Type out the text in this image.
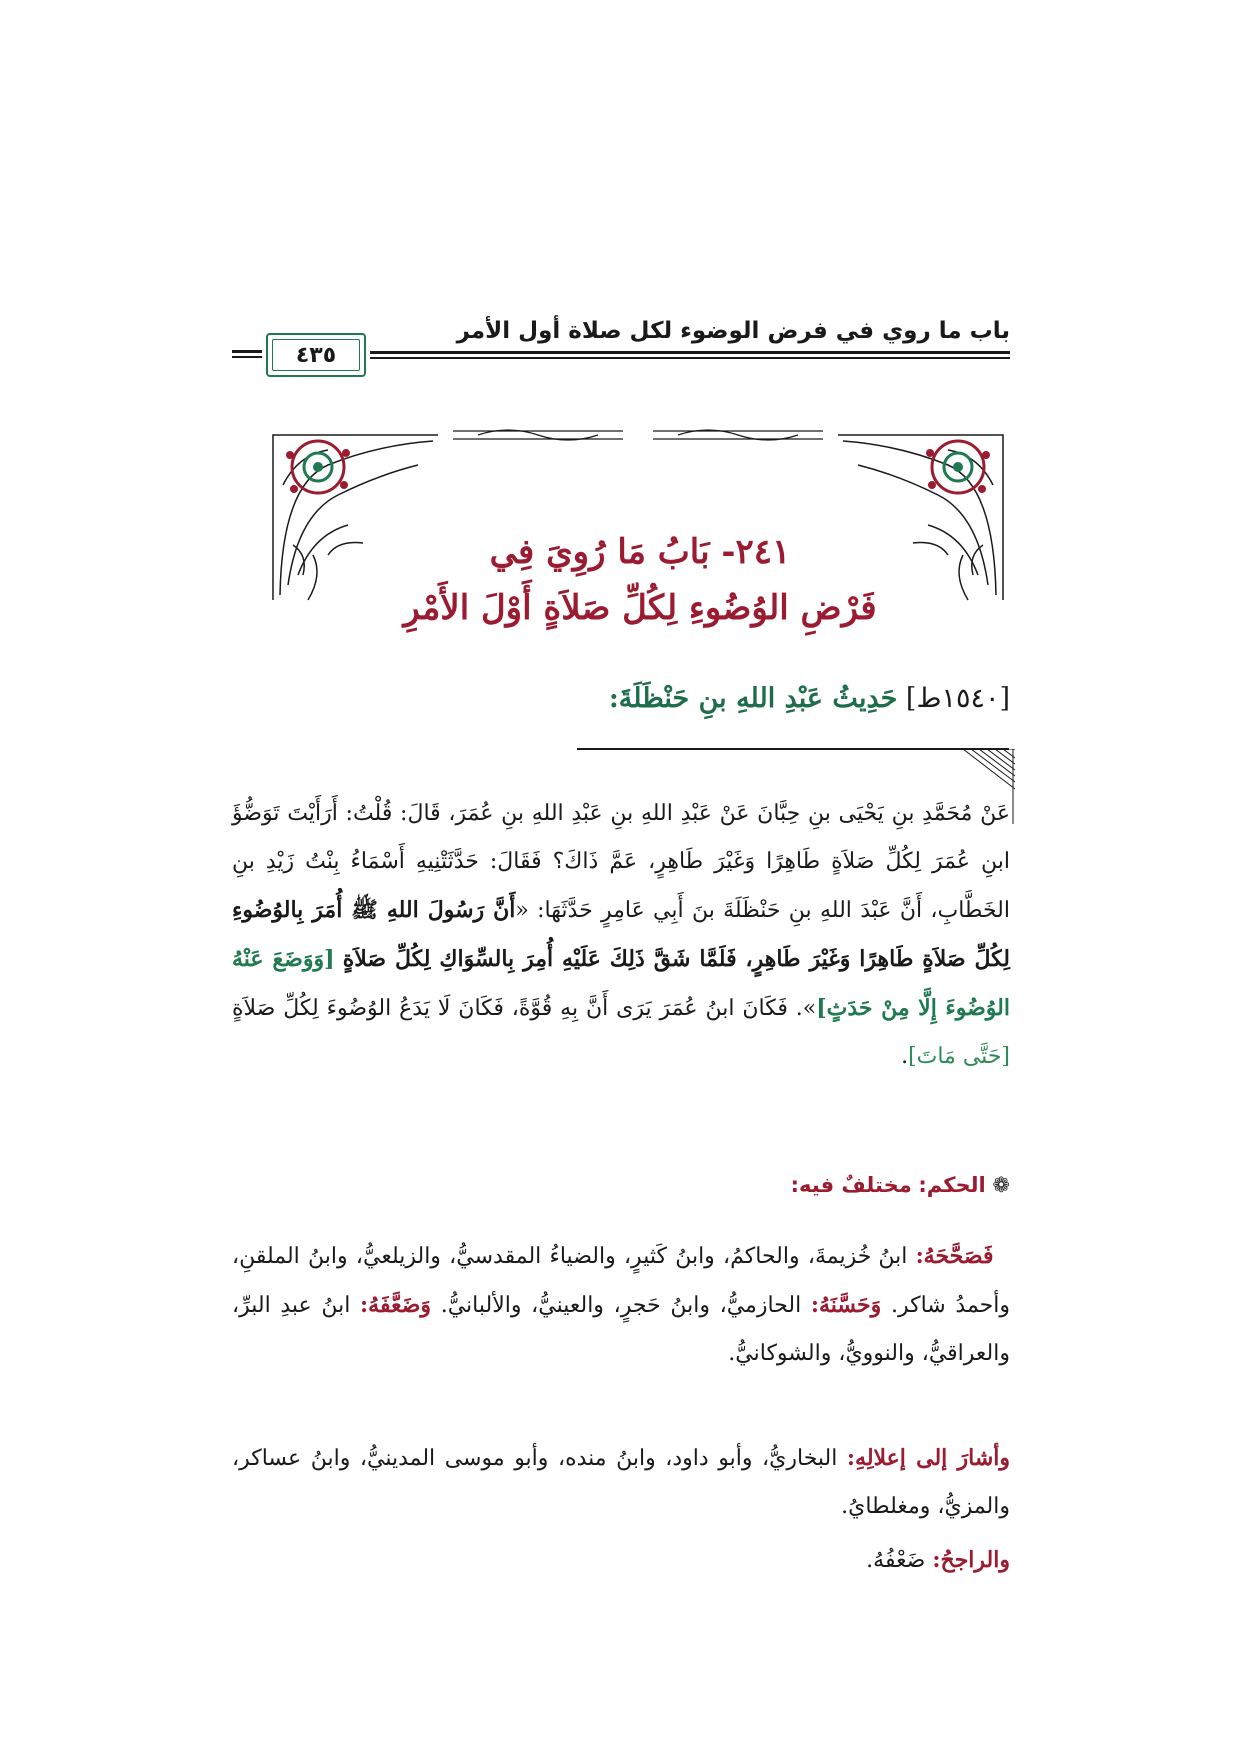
باب ما روي في فرض الوضوء لكل صلاة أول الأمر
٤٣٥
٢٤١- بَابُ مَا رُوِيَ فِي
فَرْضِ الوُضُوءِ لِكُلِّ صَلاَةٍ أَوْلَ الأَمْرِ
[١٥٤٠ط] حَدِيثُ عَبْدِ اللهِ بنِ حَنْظَلَةَ:
عَنْ مُحَمَّدِ بنِ يَحْيَى بنِ حِبَّانَ عَنْ عَبْدِ اللهِ بنِ عَبْدِ اللهِ بنِ عُمَرَ، قَالَ: قُلْتُ: أَرَأَيْتَ تَوَضُّؤَ ابنِ عُمَرَ لِكُلِّ صَلاَةٍ طَاهِرًا وَغَيْرَ طَاهِرٍ، عَمَّ ذَاكَ؟ فَقَالَ: حَدَّثَتْنِيهِ أَسْمَاءُ بِنْتُ زَيْدِ بنِ الخَطَّابِ، أَنَّ عَبْدَ اللهِ بنِ حَنْظَلَةَ بنَ أَبِي عَامِرٍ حَدَّثَهَا: «أَنَّ رَسُولَ اللهِ ﷺ أُمَرَ بِالوُضُوءِ لِكُلِّ صَلاَةٍ طَاهِرًا وَغَيْرَ طَاهِرٍ، فَلَمَّا شَقَّ ذَلِكَ عَلَيْهِ أُمِرَ بِالسِّوَاكِ لِكُلِّ صَلاَةٍ [وَوَضَعَ عَنْهُ الوُضُوءَ إِلَّا مِنْ حَدَثٍ]». فَكَانَ ابنُ عُمَرَ يَرَى أَنَّ بِهِ قُوَّةً، فَكَانَ لَا يَدَعُ الوُضُوءَ لِكُلِّ صَلاَةٍ [حَتَّى مَاتَ].
❁ الحكم: مختلفٌ فيه:
فَصَحَّحَهُ: ابنُ خُزيمةَ، والحاكمُ، وابنُ كَثيرٍ، والضياءُ المقدسيُّ، والزيلعيُّ، وابنُ الملقنِ، وأحمدُ شاكر. وَحَسَّنَهُ: الحازميُّ، وابنُ حَجرٍ، والعينيُّ، والألبانيُّ. وَضَعَّفَهُ: ابنُ عبدِ البرِّ، والعراقيُّ، والنوويُّ، والشوكانيُّ.
وأشارَ إلى إعلالِهِ: البخاريُّ، وأبو داود، وابنُ منده، وأبو موسى المدينيُّ، وابنُ عساكر، والمزيُّ، ومغلطايُ.
والراجحُ: ضَعْفُهُ.
